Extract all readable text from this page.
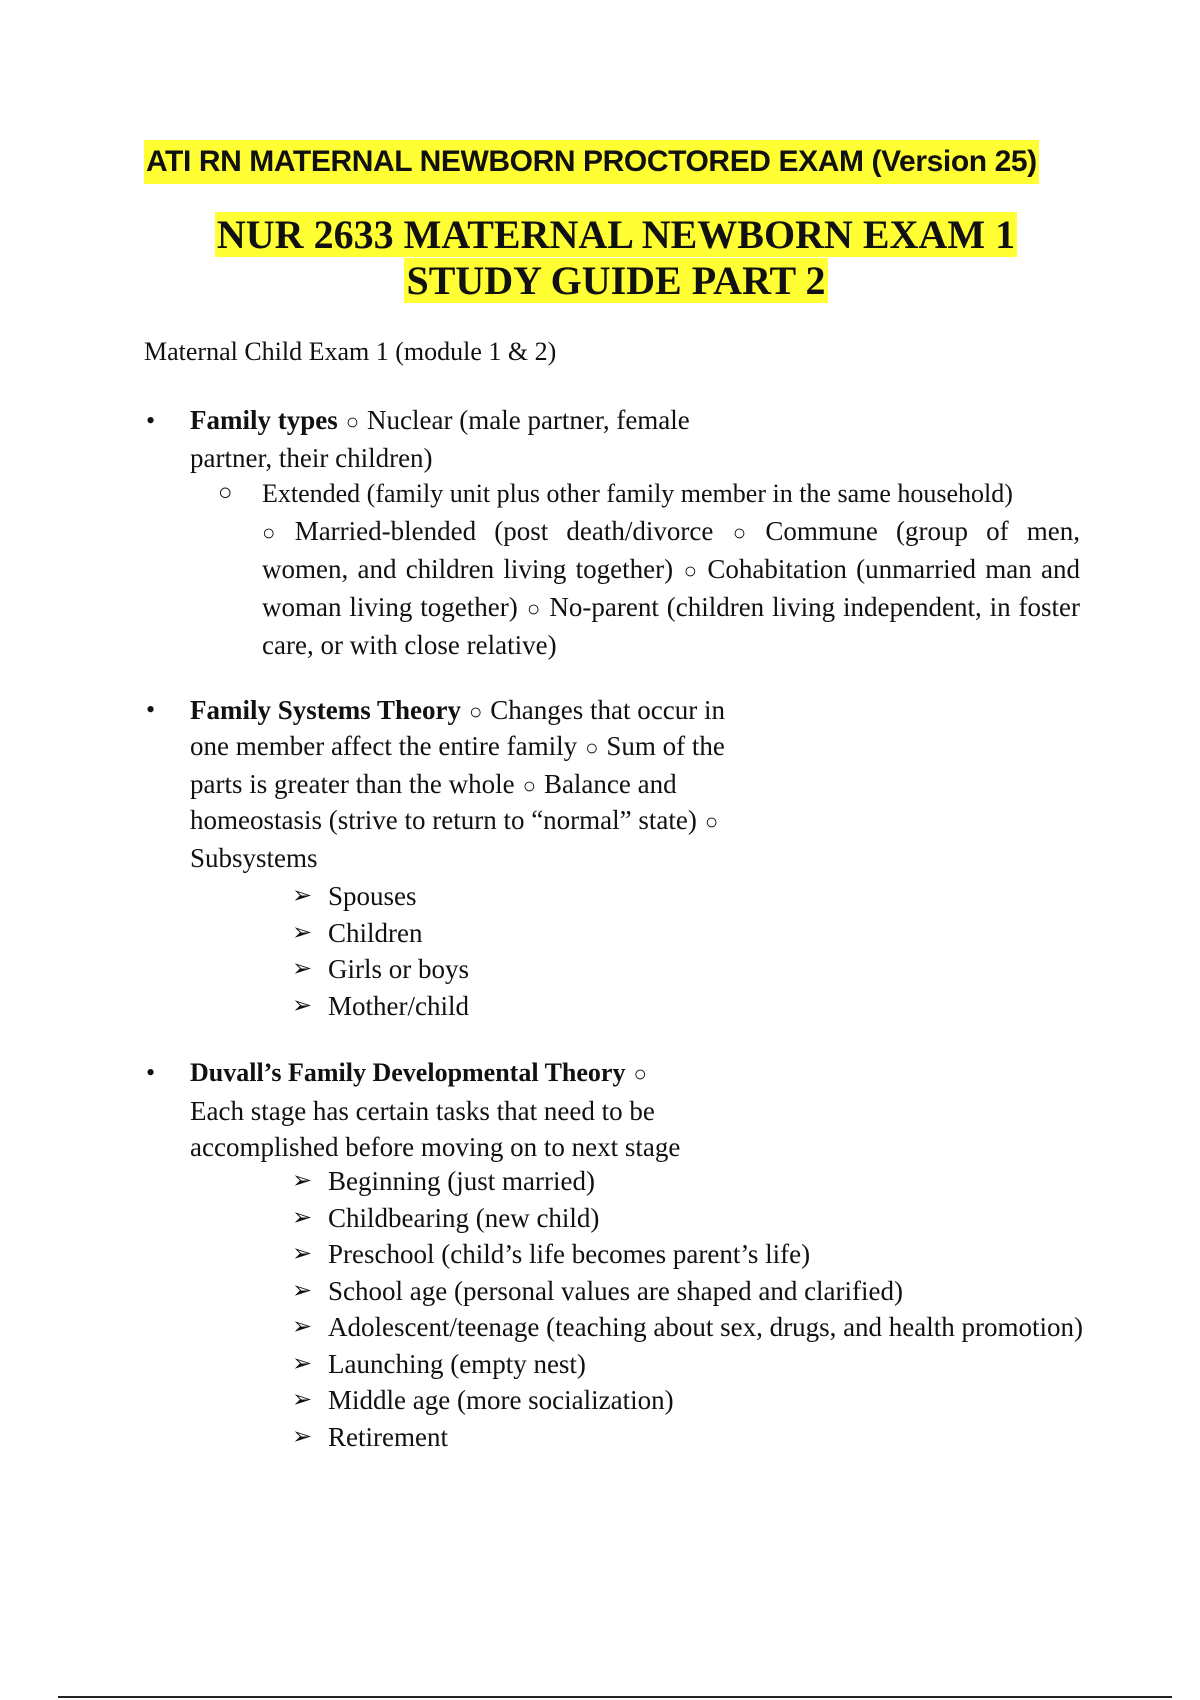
ATI RN MATERNAL NEWBORN PROCTORED EXAM (Version 25)
NUR 2633 MATERNAL NEWBORN EXAM 1
STUDY GUIDE PART 2
Maternal Child Exam 1 (module 1 & 2)
• Family types ○ Nuclear (male partner, female
partner, their children)
○ Extended (family unit plus other family member in the same household)
○ Married-blended (post death/divorce ○ Commune (group of men, women, and children living together) ○ Cohabitation (unmarried man and woman living together) ○ No-parent (children living independent, in foster care, or with close relative)
• Family Systems Theory ○ Changes that occur in
one member affect the entire family ○ Sum of the
parts is greater than the whole ○ Balance and
homeostasis (strive to return to “normal” state) ○
Subsystems
➢ Spouses
➢ Children
➢ Girls or boys
➢ Mother/child
• Duvall’s Family Developmental Theory ○
Each stage has certain tasks that need to be
accomplished before moving on to next stage
➢ Beginning (just married)
➢ Childbearing (new child)
➢ Preschool (child’s life becomes parent’s life)
➢ School age (personal values are shaped and clarified)
➢ Adolescent/teenage (teaching about sex, drugs, and health promotion)
➢ Launching (empty nest)
➢ Middle age (more socialization)
➢ Retirement
